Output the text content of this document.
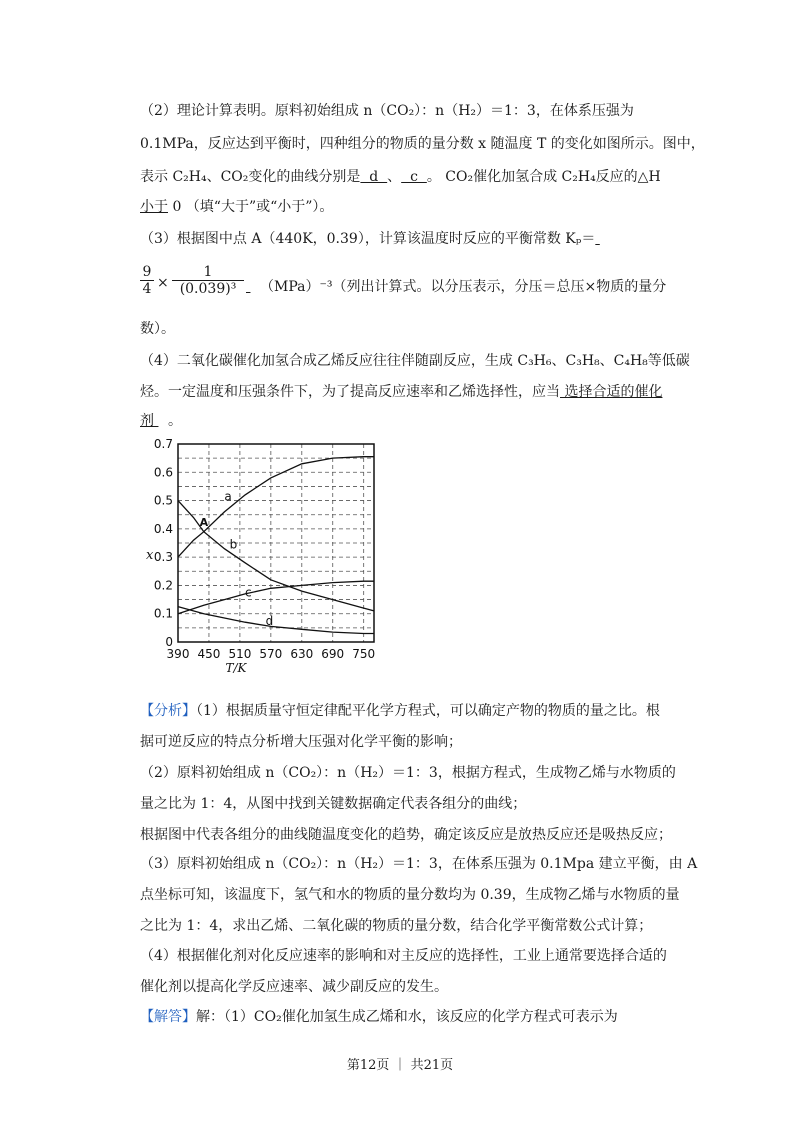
（2）理论计算表明。原料初始组成 n（CO₂）：n（H₂）＝1：3，在体系压强为
0.1MPa，反应达到平衡时，四种组分的物质的量分数 x 随温度 T 的变化如图所示。图中，
表示 C₂H₄、CO₂变化的曲线分别是  d  、  c  。 CO₂催化加氢合成 C₂H₄反应的△H
小于 0 （填“大于”或“小于”）。
（3）根据图中点 A（440K，0.39），计算该温度时反应的平衡常数 Kₚ＝
$\frac{9}{4} \times \frac{1}{\text{(0.039)³}}$	（MPa）⁻³（列出计算式。以分压表示，分压＝总压×物质的量分
数）。
（4）二氧化碳催化加氢合成乙烯反应往往伴随副反应，生成 C₃H₆、C₃H₈、C₄H₈等低碳
烃。一定温度和压强条件下，为了提高反应速率和乙烯选择性，应当 选择合适的催化
剂 。
390 450 510 570 630 690 750
0
0.1
0.2
0.3
0.4
0.5
0.6
0.7
T/K
x
a
b
c
d
A
【分析】（1）根据质量守恒定律配平化学方程式，可以确定产物的物质的量之比。根
据可逆反应的特点分析增大压强对化学平衡的影响；
（2）原料初始组成 n（CO₂）：n（H₂）＝1：3，根据方程式，生成物乙烯与水物质的
量之比为 1：4，从图中找到关键数据确定代表各组分的曲线；
根据图中代表各组分的曲线随温度变化的趋势，确定该反应是放热反应还是吸热反应；
（3）原料初始组成 n（CO₂）：n（H₂）＝1：3，在体系压强为 0.1Mpa 建立平衡，由 A
点坐标可知，该温度下，氢气和水的物质的量分数均为 0.39，生成物乙烯与水物质的量
之比为 1：4，求出乙烯、二氧化碳的物质的量分数，结合化学平衡常数公式计算；
（4）根据催化剂对化反应速率的影响和对主反应的选择性，工业上通常要选择合适的
催化剂以提高化学反应速率、减少副反应的发生。
【解答】解：（1）CO₂催化加氢生成乙烯和水，该反应的化学方程式可表示为
第12页 ｜ 共21页
